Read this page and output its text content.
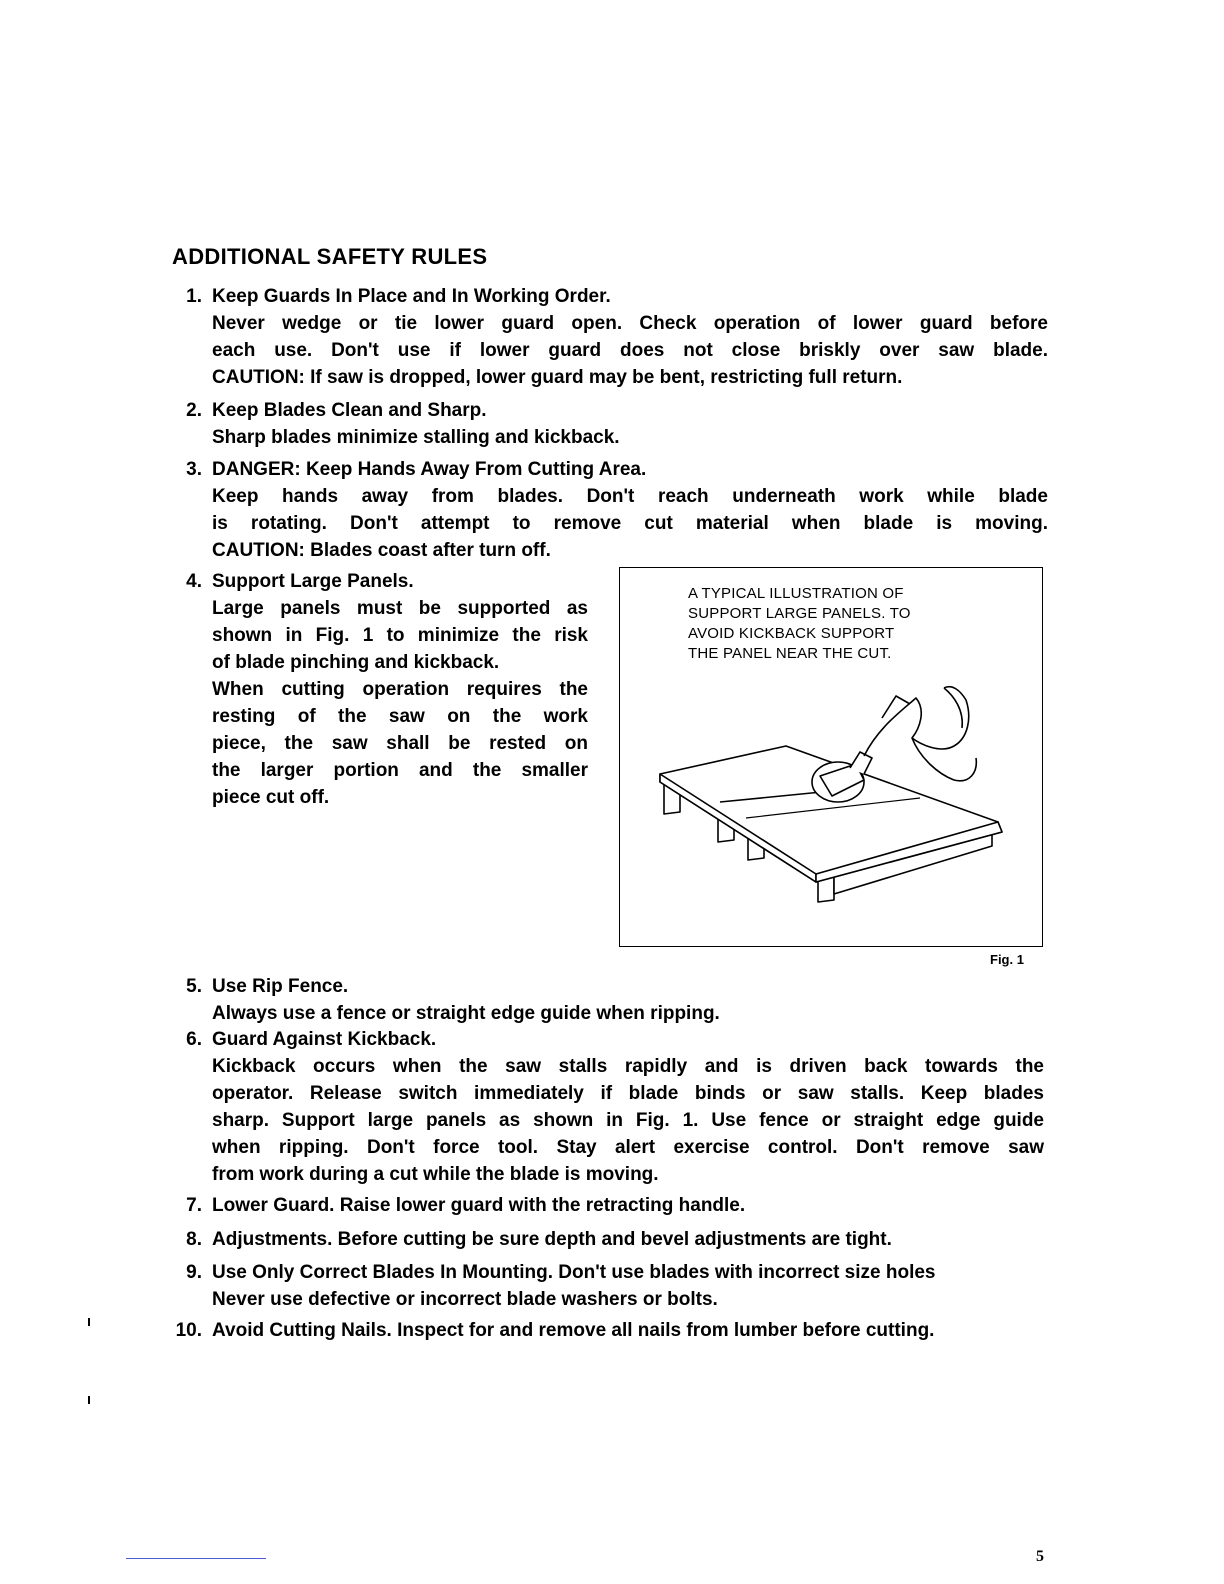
ADDITIONAL SAFETY RULES
1. Keep Guards In Place and In Working Order.
Never wedge or tie lower guard open. Check operation of lower guard before
each use. Don't use if lower guard does not close briskly over saw blade.
CAUTION: If saw is dropped, lower guard may be bent, restricting full return.
2. Keep Blades Clean and Sharp.
Sharp blades minimize stalling and kickback.
3. DANGER: Keep Hands Away From Cutting Area.
Keep hands away from blades. Don't reach underneath work while blade
is rotating. Don't attempt to remove cut material when blade is moving.
CAUTION: Blades coast after turn off.
4. Support Large Panels.
Large panels must be supported as
shown in Fig. 1 to minimize the risk
of blade pinching and kickback.
When cutting operation requires the
resting of the saw on the work
piece, the saw shall be rested on
the larger portion and the smaller
piece cut off.
A TYPICAL ILLUSTRATION OF
SUPPORT LARGE PANELS. TO
AVOID KICKBACK SUPPORT
THE PANEL NEAR THE CUT.
Fig. 1
5. Use Rip Fence.
Always use a fence or straight edge guide when ripping.
6. Guard Against Kickback.
Kickback occurs when the saw stalls rapidly and is driven back towards the
operator. Release switch immediately if blade binds or saw stalls. Keep blades
sharp. Support large panels as shown in Fig. 1. Use fence or straight edge guide
when ripping. Don't force tool. Stay alert exercise control. Don't remove saw
from work during a cut while the blade is moving.
7. Lower Guard. Raise lower guard with the retracting handle.
8. Adjustments. Before cutting be sure depth and bevel adjustments are tight.
9. Use Only Correct Blades In Mounting. Don't use blades with incorrect size holes
Never use defective or incorrect blade washers or bolts.
10. Avoid Cutting Nails. Inspect for and remove all nails from lumber before cutting.
5
